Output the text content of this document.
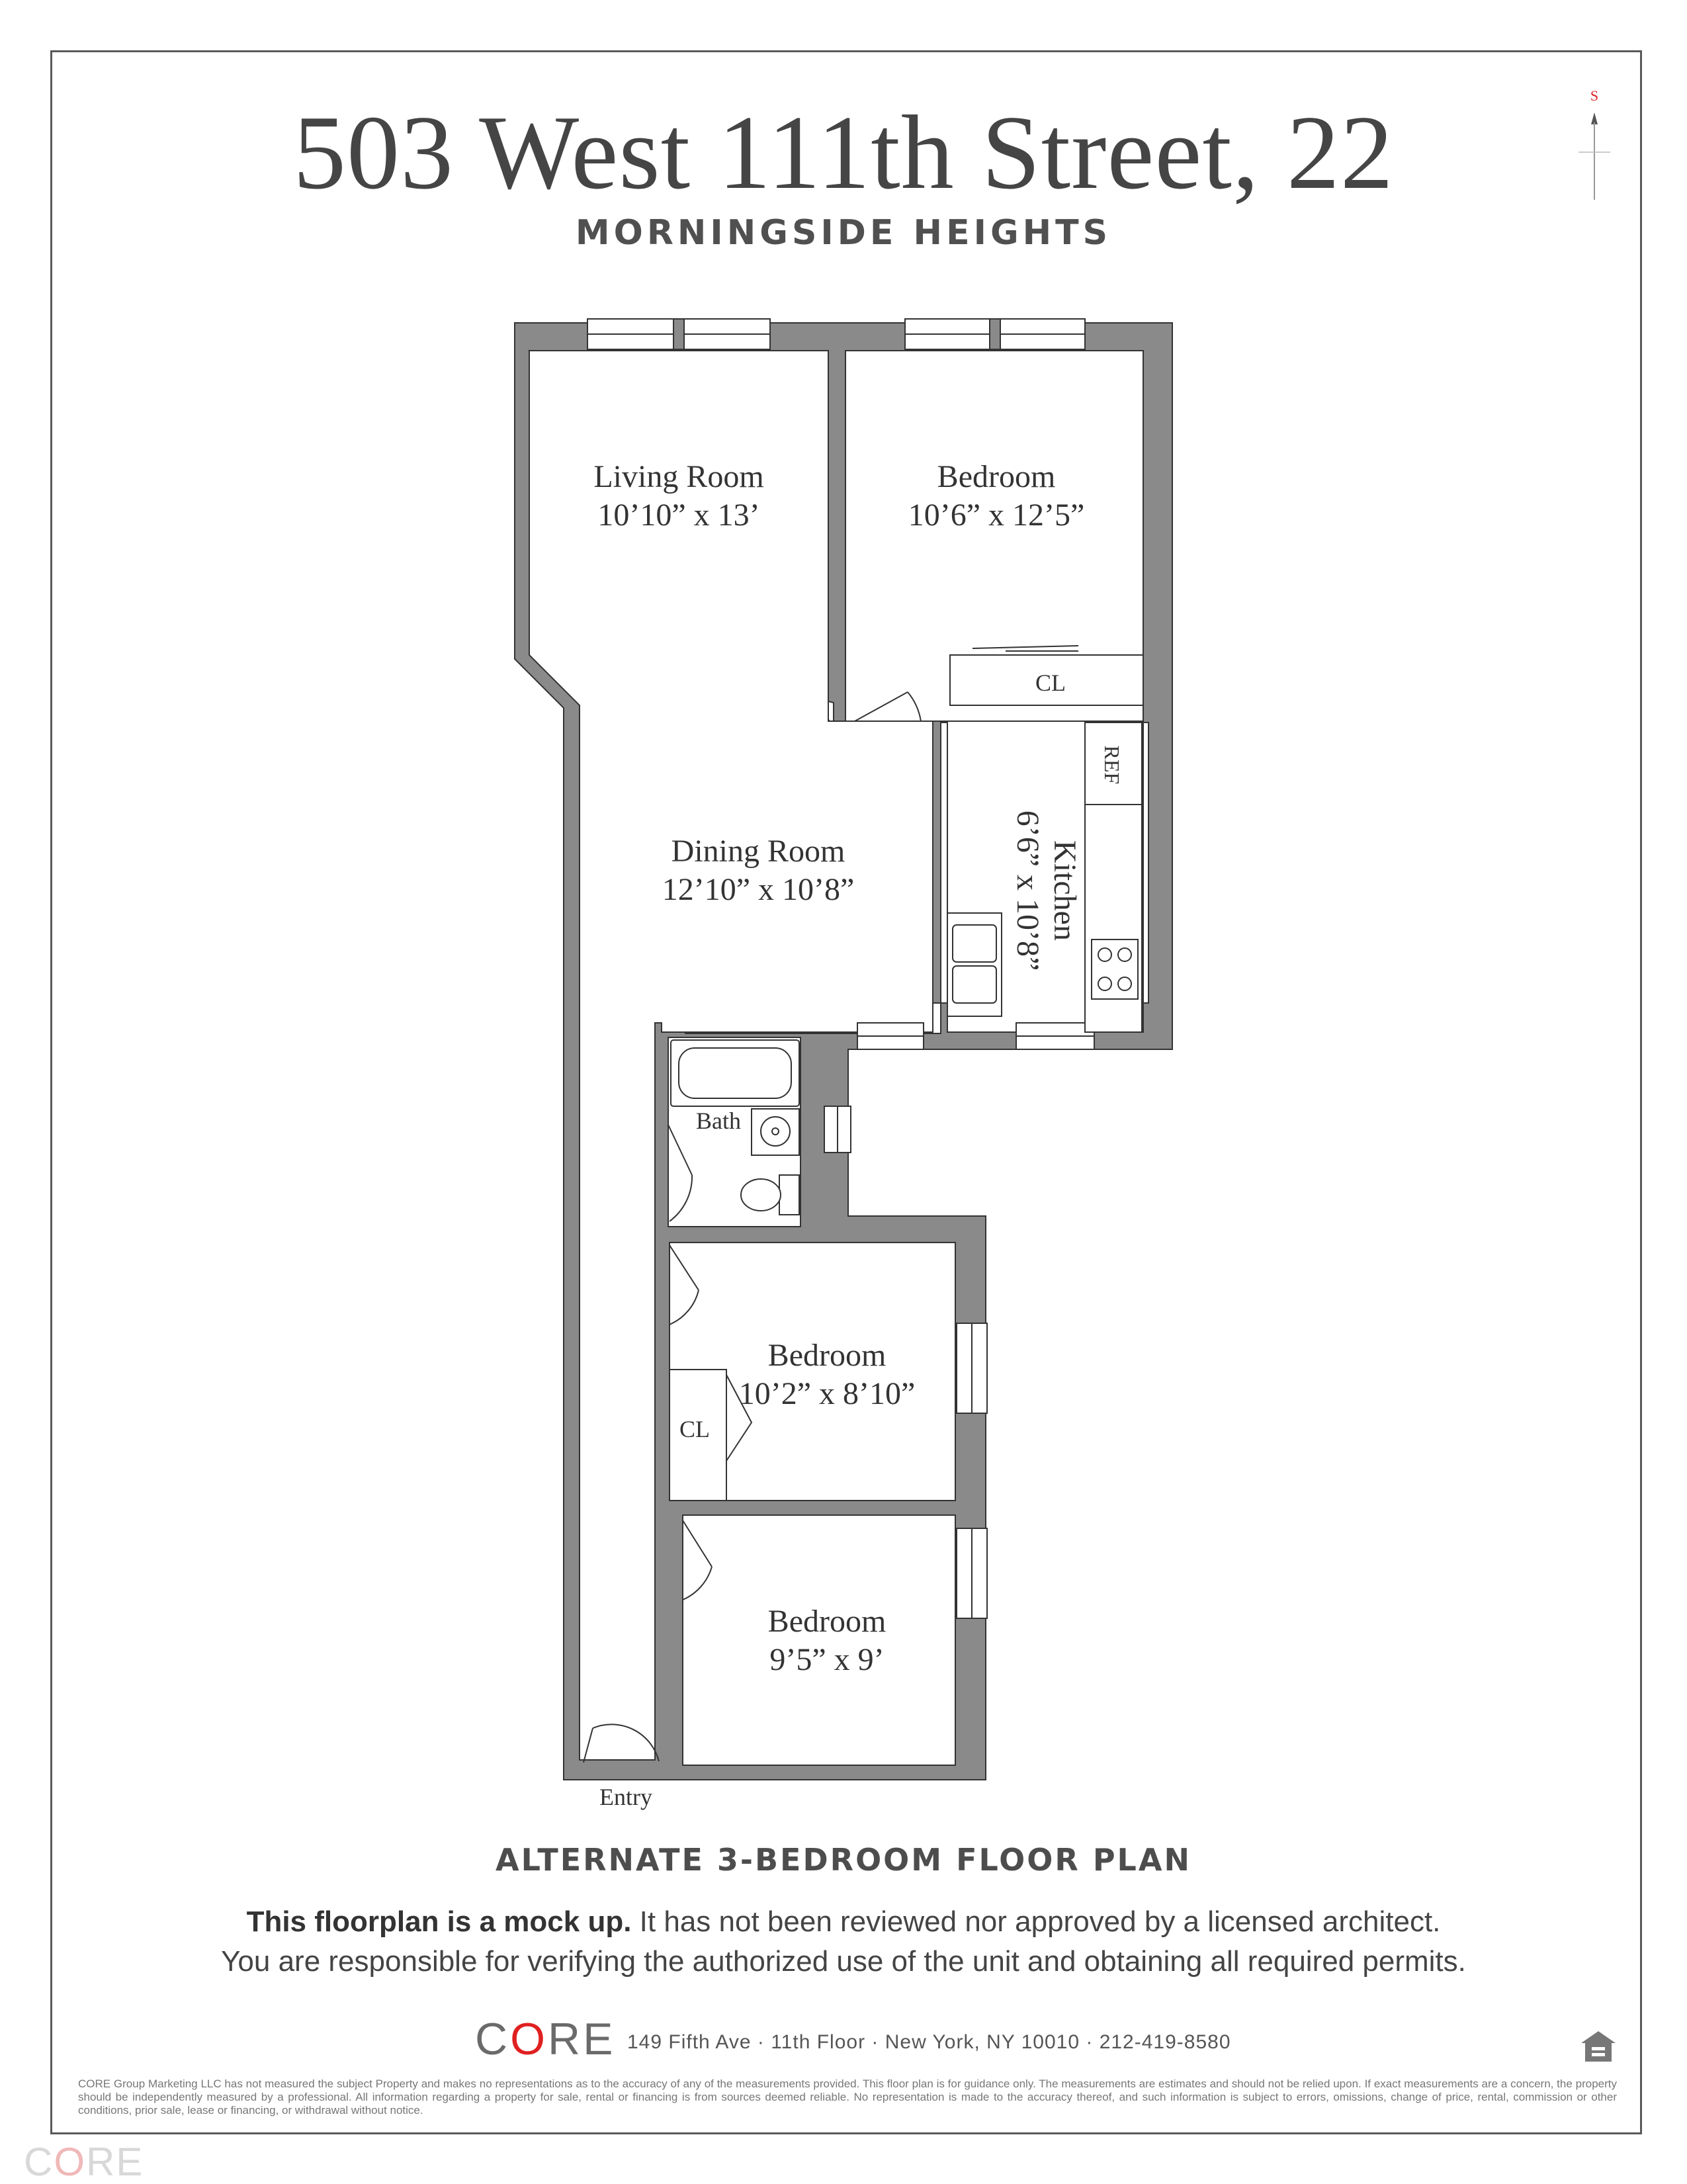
503 West 111th Street, 22
MORNINGSIDE HEIGHTS
S
Living Room
10’10” x 13’
Bedroom
10’6” x 12’5”
CL
REF
Kitchen
6’6” x 10’8”
Dining Room
12’10” x 10’8”
Bath
Bedroom
10’2” x 8’10”
CL
Bedroom
9’5” x 9’
Entry
ALTERNATE 3-BEDROOM FLOOR PLAN
This floorplan is a mock up. It has not been reviewed nor approved by a licensed architect.
You are responsible for verifying the authorized use of the unit and obtaining all required permits.
CORE 149 Fifth Ave · 11th Floor · New York, NY 10010 · 212-419-8580
CORE Group Marketing LLC has not measured the subject Property and makes no representations as to the accuracy of any of the measurements provided. This floor plan is for guidance only. The measurements are estimates and should not be relied upon. If exact measurements are a concern, the property should be independently measured by a professional. All information regarding a property for sale, rental or financing is from sources deemed reliable. No representation is made to the accuracy thereof, and such information is subject to errors, omissions, change of price, rental, commission or other conditions, prior sale, lease or financing, or withdrawal without notice.
CORE
